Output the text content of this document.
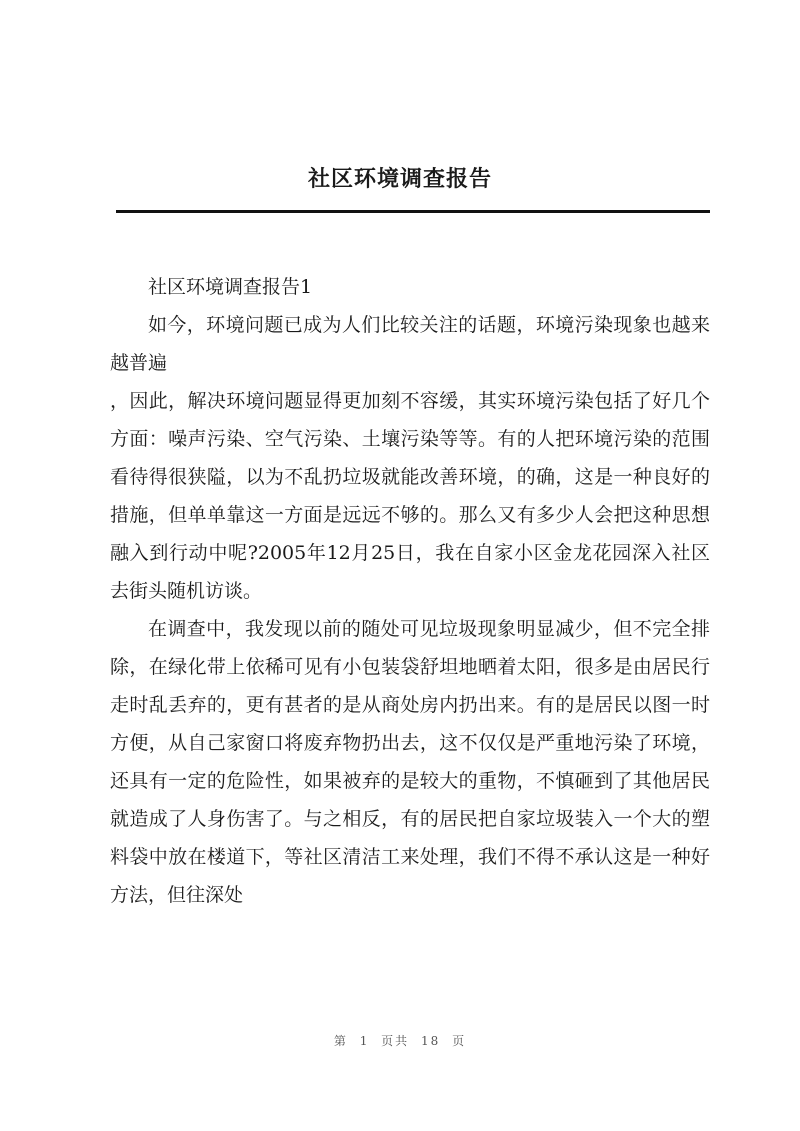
社区环境调查报告

社区环境调查报告1

如今，环境问题已成为人们比较关注的话题，环境污染现象也越来越普遍

，因此，解决环境问题显得更加刻不容缓，其实环境污染包括了好几个方面：噪声污染、空气污染、土壤污染等等。有的人把环境污染的范围看待得很狭隘，以为不乱扔垃圾就能改善环境，的确，这是一种良好的措施，但单单靠这一方面是远远不够的。那么又有多少人会把这种思想融入到行动中呢?2005年12月25日，我在自家小区金龙花园深入社区去街头随机访谈。

在调查中，我发现以前的随处可见垃圾现象明显减少，但不完全排除，在绿化带上依稀可见有小包装袋舒坦地晒着太阳，很多是由居民行走时乱丢弃的，更有甚者的是从商处房内扔出来。有的是居民以图一时方便，从自己家窗口将废弃物扔出去，这不仅仅是严重地污染了环境，还具有一定的危险性，如果被弃的是较大的重物，不慎砸到了其他居民就造成了人身伤害了。与之相反，有的居民把自家垃圾装入一个大的塑料袋中放在楼道下，等社区清洁工来处理，我们不得不承认这是一种好方法，但往深处

第 1 页共 18 页
